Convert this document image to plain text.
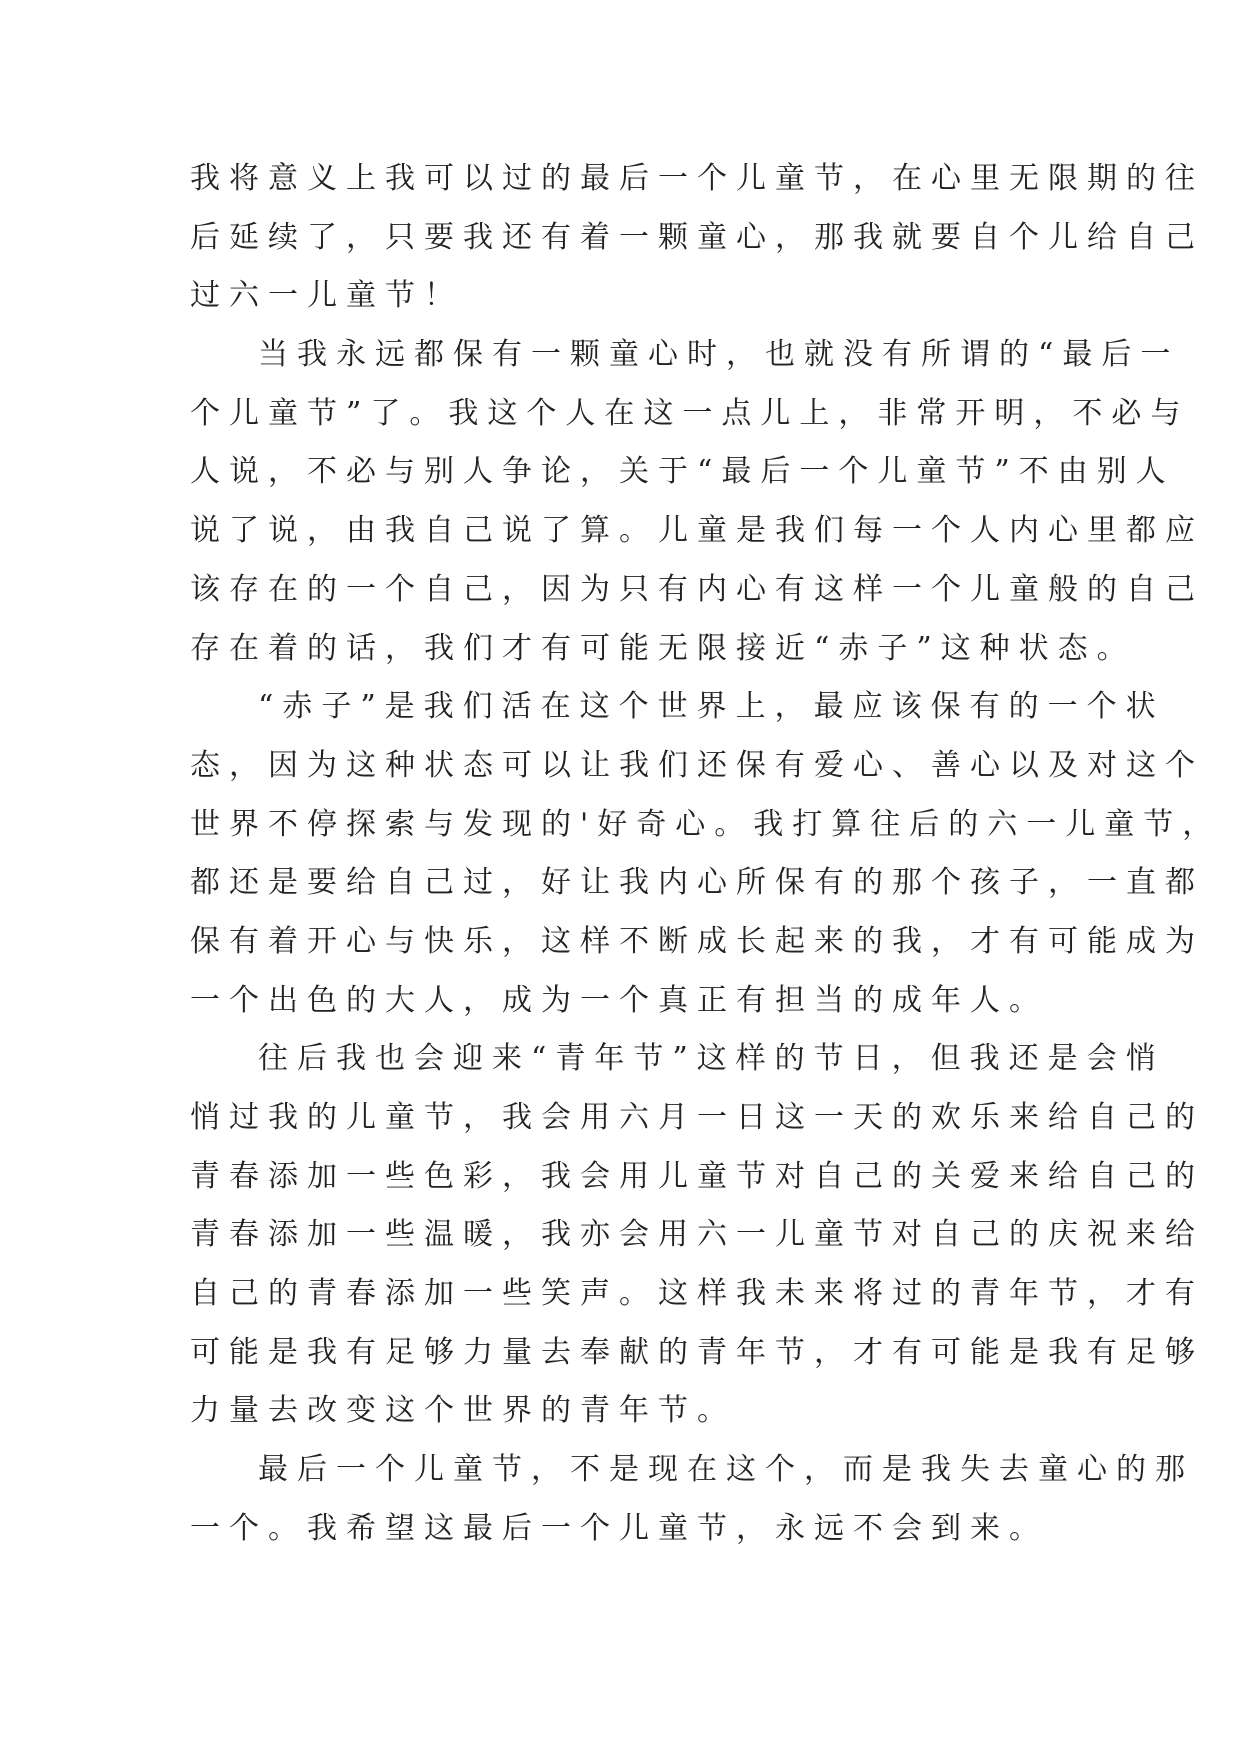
我将意义上我可以过的最后一个儿童节，在心里无限期的往
后延续了，只要我还有着一颗童心，那我就要自个儿给自己
过六一儿童节！
当我永远都保有一颗童心时，也就没有所谓的“最后一
个儿童节”了。我这个人在这一点儿上，非常开明，不必与
人说，不必与别人争论，关于“最后一个儿童节”不由别人
说了说，由我自己说了算。儿童是我们每一个人内心里都应
该存在的一个自己，因为只有内心有这样一个儿童般的自己
存在着的话，我们才有可能无限接近“赤子”这种状态。
“赤子”是我们活在这个世界上，最应该保有的一个状
态，因为这种状态可以让我们还保有爱心、善心以及对这个
世界不停探索与发现的'好奇心。我打算往后的六一儿童节，
都还是要给自己过，好让我内心所保有的那个孩子，一直都
保有着开心与快乐，这样不断成长起来的我，才有可能成为
一个出色的大人，成为一个真正有担当的成年人。
往后我也会迎来“青年节”这样的节日，但我还是会悄
悄过我的儿童节，我会用六月一日这一天的欢乐来给自己的
青春添加一些色彩，我会用儿童节对自己的关爱来给自己的
青春添加一些温暖，我亦会用六一儿童节对自己的庆祝来给
自己的青春添加一些笑声。这样我未来将过的青年节，才有
可能是我有足够力量去奉献的青年节，才有可能是我有足够
力量去改变这个世界的青年节。
最后一个儿童节，不是现在这个，而是我失去童心的那
一个。我希望这最后一个儿童节，永远不会到来。
